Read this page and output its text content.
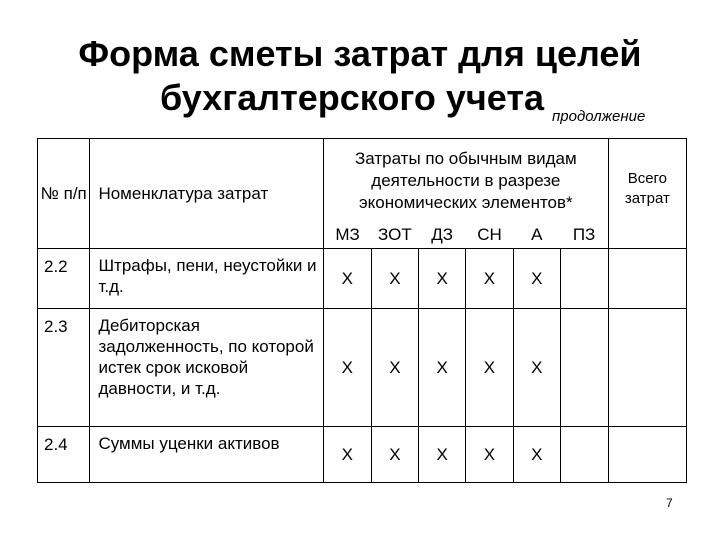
Форма сметы затрат для целей
бухгалтерского учета продолжение
№ п/п	Номенклатура затрат	Затраты по обычным видам деятельности в разрезе экономических элементов*						Всего затрат
		МЗ	ЗОТ	ДЗ	СН	А	ПЗ	
2.2	Штрафы, пени, неустойки и т.д.	X	X	X	X	X		
2.3	Дебиторская задолженность, по которой истек срок исковой давности, и т.д.	X	X	X	X	X		
2.4	Суммы уценки активов	X	X	X	X	X		
7
